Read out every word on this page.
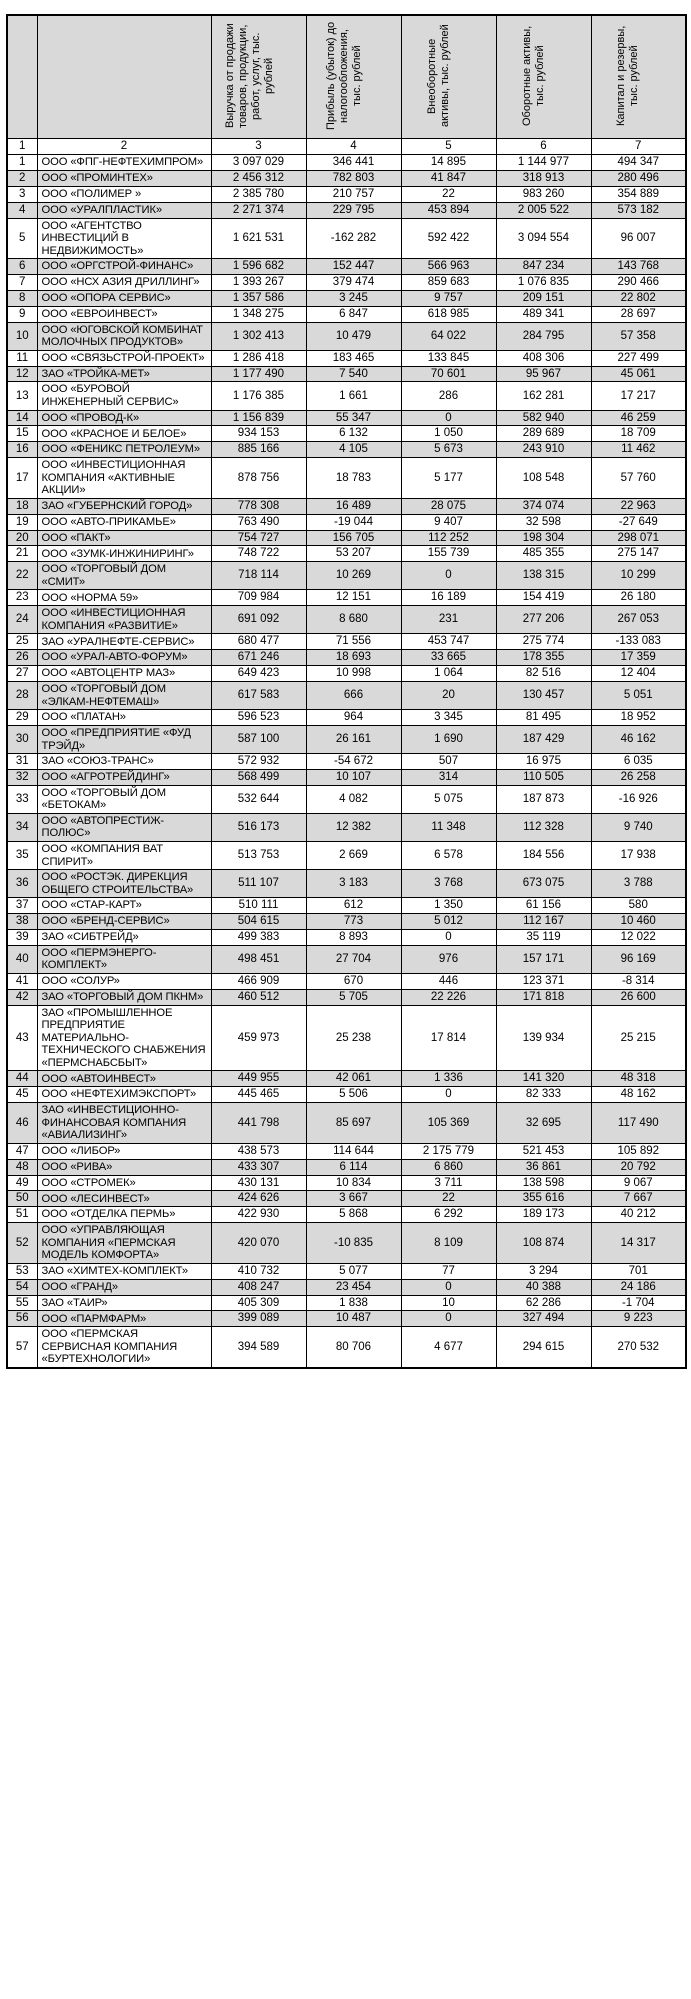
		Выручка от продажи товаров, продукции, работ, услуг, тыс. рублей	Прибыль (убыток) до налогообложения, тыс. рублей	Внеоборотные активы, тыс. рублей	Оборотные активы, тыс. рублей	Капитал и резервы, тыс. рублей
1	2	3	4	5	6	7
1	ООО «ФПГ-НЕФТЕХИМПРОМ»	3 097 029	346 441	14 895	1 144 977	494 347
2	ООО «ПРОМИНТЕХ»	2 456 312	782 803	41 847	318 913	280 496
3	ООО «ПОЛИМЕР »	2 385 780	210 757	22	983 260	354 889
4	ООО «УРАЛПЛАСТИК»	2 271 374	229 795	453 894	2 005 522	573 182
5	ООО «АГЕНТСТВО ИНВЕСТИЦИЙ В НЕДВИЖИМОСТЬ»	1 621 531	-162 282	592 422	3 094 554	96 007
6	ООО «ОРГСТРОЙ-ФИНАНС»	1 596 682	152 447	566 963	847 234	143 768
7	ООО «НСХ АЗИЯ ДРИЛЛИНГ»	1 393 267	379 474	859 683	1 076 835	290 466
8	ООО «ОПОРА СЕРВИС»	1 357 586	3 245	9 757	209 151	22 802
9	ООО «ЕВРОИНВЕСТ»	1 348 275	6 847	618 985	489 341	28 697
10	ООО «ЮГОВСКОЙ КОМБИНАТ МОЛОЧНЫХ ПРОДУКТОВ»	1 302 413	10 479	64 022	284 795	57 358
11	ООО «СВЯЗЬСТРОЙ-ПРОЕКТ»	1 286 418	183 465	133 845	408 306	227 499
12	ЗАО «ТРОЙКА-МЕТ»	1 177 490	7 540	70 601	95 967	45 061
13	ООО «БУРОВОЙ ИНЖЕНЕРНЫЙ СЕРВИС»	1 176 385	1 661	286	162 281	17 217
14	ООО «ПРОВОД-К»	1 156 839	55 347	0	582 940	46 259
15	ООО «КРАСНОЕ И БЕЛОЕ»	934 153	6 132	1 050	289 689	18 709
16	ООО «ФЕНИКС ПЕТРОЛЕУМ»	885 166	4 105	5 673	243 910	11 462
17	ООО «ИНВЕСТИЦИОННАЯ КОМПАНИЯ «АКТИВНЫЕ АКЦИИ»	878 756	18 783	5 177	108 548	57 760
18	ЗАО «ГУБЕРНСКИЙ ГОРОД»	778 308	16 489	28 075	374 074	22 963
19	ООО «АВТО-ПРИКАМЬЕ»	763 490	-19 044	9 407	32 598	-27 649
20	ООО «ПАКТ»	754 727	156 705	112 252	198 304	298 071
21	ООО «ЗУМК-ИНЖИНИРИНГ»	748 722	53 207	155 739	485 355	275 147
22	ООО «ТОРГОВЫЙ ДОМ «СМИТ»	718 114	10 269	0	138 315	10 299
23	ООО «НОРМА 59»	709 984	12 151	16 189	154 419	26 180
24	ООО «ИНВЕСТИЦИОННАЯ КОМПАНИЯ «РАЗВИТИЕ»	691 092	8 680	231	277 206	267 053
25	ЗАО «УРАЛНЕФТЕ-СЕРВИС»	680 477	71 556	453 747	275 774	-133 083
26	ООО «УРАЛ-АВТО-ФОРУМ»	671 246	18 693	33 665	178 355	17 359
27	ООО «АВТОЦЕНТР МАЗ»	649 423	10 998	1 064	82 516	12 404
28	ООО «ТОРГОВЫЙ ДОМ «ЭЛКАМ-НЕФТЕМАШ»	617 583	666	20	130 457	5 051
29	ООО «ПЛАТАН»	596 523	964	3 345	81 495	18 952
30	ООО «ПРЕДПРИЯТИЕ «ФУД ТРЭЙД»	587 100	26 161	1 690	187 429	46 162
31	ЗАО «СОЮЗ-ТРАНС»	572 932	-54 672	507	16 975	6 035
32	ООО «АГРОТРЕЙДИНГ»	568 499	10 107	314	110 505	26 258
33	ООО «ТОРГОВЫЙ ДОМ «БЕТОКАМ»	532 644	4 082	5 075	187 873	-16 926
34	ООО «АВТОПРЕСТИЖ-ПОЛЮС»	516 173	12 382	11 348	112 328	9 740
35	ООО «КОМПАНИЯ ВАТ СПИРИТ»	513 753	2 669	6 578	184 556	17 938
36	ООО «РОСТЭК. ДИРЕКЦИЯ ОБЩЕГО СТРОИТЕЛЬСТВА»	511 107	3 183	3 768	673 075	3 788
37	ООО «СТАР-КАРТ»	510 111	612	1 350	61 156	580
38	ООО «БРЕНД-СЕРВИС»	504 615	773	5 012	112 167	10 460
39	ЗАО «СИБТРЕЙД»	499 383	8 893	0	35 119	12 022
40	ООО «ПЕРМЭНЕРГО-КОМПЛЕКТ»	498 451	27 704	976	157 171	96 169
41	ООО «СОЛУР»	466 909	670	446	123 371	-8 314
42	ЗАО «ТОРГОВЫЙ ДОМ ПКНМ»	460 512	5 705	22 226	171 818	26 600
43	ЗАО «ПРОМЫШЛЕННОЕ ПРЕДПРИЯТИЕ МАТЕРИАЛЬНО-ТЕХНИЧЕСКОГО СНАБЖЕНИЯ «ПЕРМСНАБСБЫТ»	459 973	25 238	17 814	139 934	25 215
44	ООО «АВТОИНВЕСТ»	449 955	42 061	1 336	141 320	48 318
45	ООО «НЕФТЕХИМЭКСПОРТ»	445 465	5 506	0	82 333	48 162
46	ЗАО «ИНВЕСТИЦИОННО-ФИНАНСОВАЯ КОМПАНИЯ «АВИАЛИЗИНГ»	441 798	85 697	105 369	32 695	117 490
47	ООО «ЛИБОР»	438 573	114 644	2 175 779	521 453	105 892
48	ООО «РИВА»	433 307	6 114	6 860	36 861	20 792
49	ООО «СТРОМЕК»	430 131	10 834	3 711	138 598	9 067
50	ООО «ЛЕСИНВЕСТ»	424 626	3 667	22	355 616	7 667
51	ООО «ОТДЕЛКА ПЕРМЬ»	422 930	5 868	6 292	189 173	40 212
52	ООО «УПРАВЛЯЮЩАЯ КОМПАНИЯ «ПЕРМСКАЯ МОДЕЛЬ КОМФОРТА»	420 070	-10 835	8 109	108 874	14 317
53	ЗАО «ХИМТЕХ-КОМПЛЕКТ»	410 732	5 077	77	3 294	701
54	ООО «ГРАНД»	408 247	23 454	0	40 388	24 186
55	ЗАО «ТАИР»	405 309	1 838	10	62 286	-1 704
56	ООО «ПАРМФАРМ»	399 089	10 487	0	327 494	9 223
57	ООО «ПЕРМСКАЯ СЕРВИСНАЯ КОМПАНИЯ «БУРТЕХНОЛОГИИ»	394 589	80 706	4 677	294 615	270 532
